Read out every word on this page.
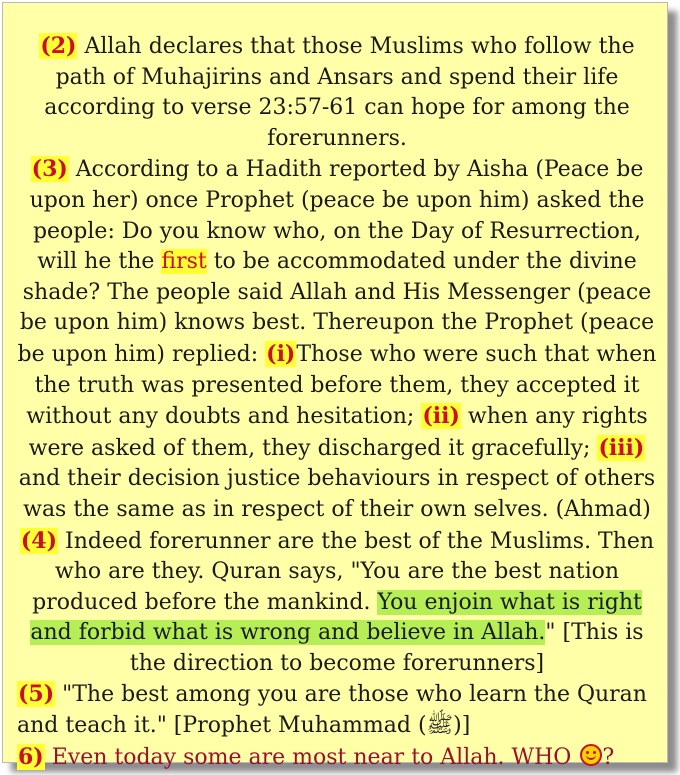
(2) Allah declares that those Muslims who follow the path of Muhajirins and Ansars and spend their life according to verse 23:57-61 can hope for among the forerunners.

(3) According to a Hadith reported by Aisha (Peace be upon her) once Prophet (peace be upon him) asked the people: Do you know who, on the Day of Resurrection, will he the first to be accommodated under the divine shade? The people said Allah and His Messenger (peace be upon him) knows best. Thereupon the Prophet (peace be upon him) replied: (i)Those who were such that when the truth was presented before them, they accepted it without any doubts and hesitation; (ii) when any rights were asked of them, they discharged it gracefully; (iii) and their decision justice behaviours in respect of others was the same as in respect of their own selves. (Ahmad)

(4) Indeed forerunner are the best of the Muslims. Then who are they. Quran says, "You are the best nation produced before the mankind. You enjoin what is right and forbid what is wrong and believe in Allah." [This is the direction to become forerunners]

(5) "The best among you are those who learn the Quran and teach it." [Prophet Muhammad (ﷺ)]

6) Even today some are most near to Allah. WHO ?
